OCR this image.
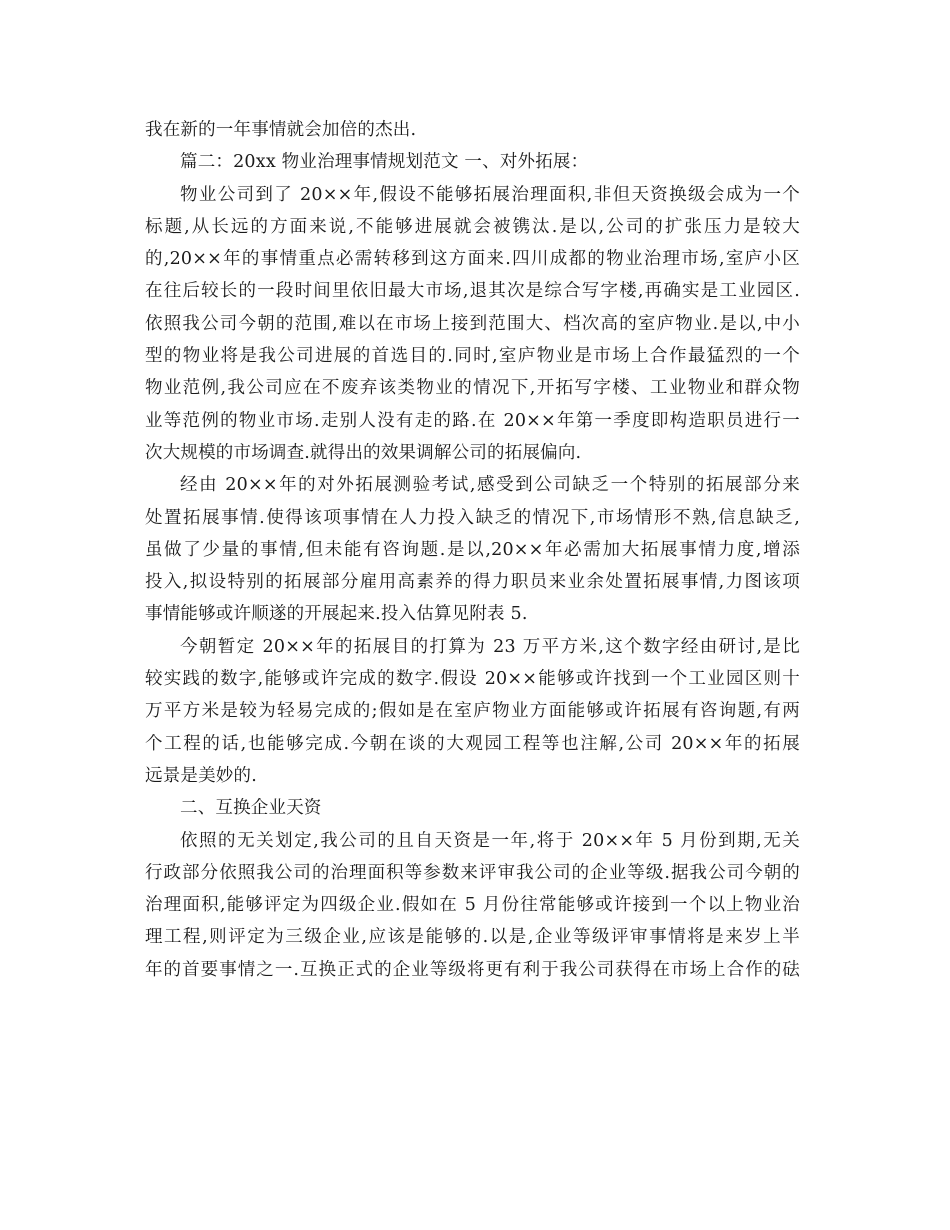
我在新的一年事情就会加倍的杰出.
篇二：20xx 物业治理事情规划范文 一、对外拓展：
物业公司到了 20××年,假设不能够拓展治理面积,非但天资换级会成为一个
标题,从长远的方面来说,不能够进展就会被镌汰.是以,公司的扩张压力是较大
的,20××年的事情重点必需转移到这方面来.四川成都的物业治理市场,室庐小区
在往后较长的一段时间里依旧最大市场,退其次是综合写字楼,再确实是工业园区.
依照我公司今朝的范围,难以在市场上接到范围大、档次高的室庐物业.是以,中小
型的物业将是我公司进展的首选目的.同时,室庐物业是市场上合作最猛烈的一个
物业范例,我公司应在不废弃该类物业的情况下,开拓写字楼、工业物业和群众物
业等范例的物业市场.走别人没有走的路.在 20××年第一季度即构造职员进行一
次大规模的市场调查.就得出的效果调解公司的拓展偏向.
经由 20××年的对外拓展测验考试,感受到公司缺乏一个特别的拓展部分来
处置拓展事情.使得该项事情在人力投入缺乏的情况下,市场情形不熟,信息缺乏,
虽做了少量的事情,但未能有咨询题.是以,20××年必需加大拓展事情力度,增添
投入,拟设特别的拓展部分雇用高素养的得力职员来业余处置拓展事情,力图该项
事情能够或许顺遂的开展起来.投入估算见附表 5.
今朝暂定 20××年的拓展目的打算为 23 万平方米,这个数字经由研讨,是比
较实践的数字,能够或许完成的数字.假设 20××能够或许找到一个工业园区则十
万平方米是较为轻易完成的;假如是在室庐物业方面能够或许拓展有咨询题,有两
个工程的话,也能够完成.今朝在谈的大观园工程等也注解,公司 20××年的拓展
远景是美妙的.
二、互换企业天资
依照的无关划定,我公司的且自天资是一年,将于 20××年 5 月份到期,无关
行政部分依照我公司的治理面积等参数来评审我公司的企业等级.据我公司今朝的
治理面积,能够评定为四级企业.假如在 5 月份往常能够或许接到一个以上物业治
理工程,则评定为三级企业,应该是能够的.以是,企业等级评审事情将是来岁上半
年的首要事情之一.互换正式的企业等级将更有利于我公司获得在市场上合作的砝
